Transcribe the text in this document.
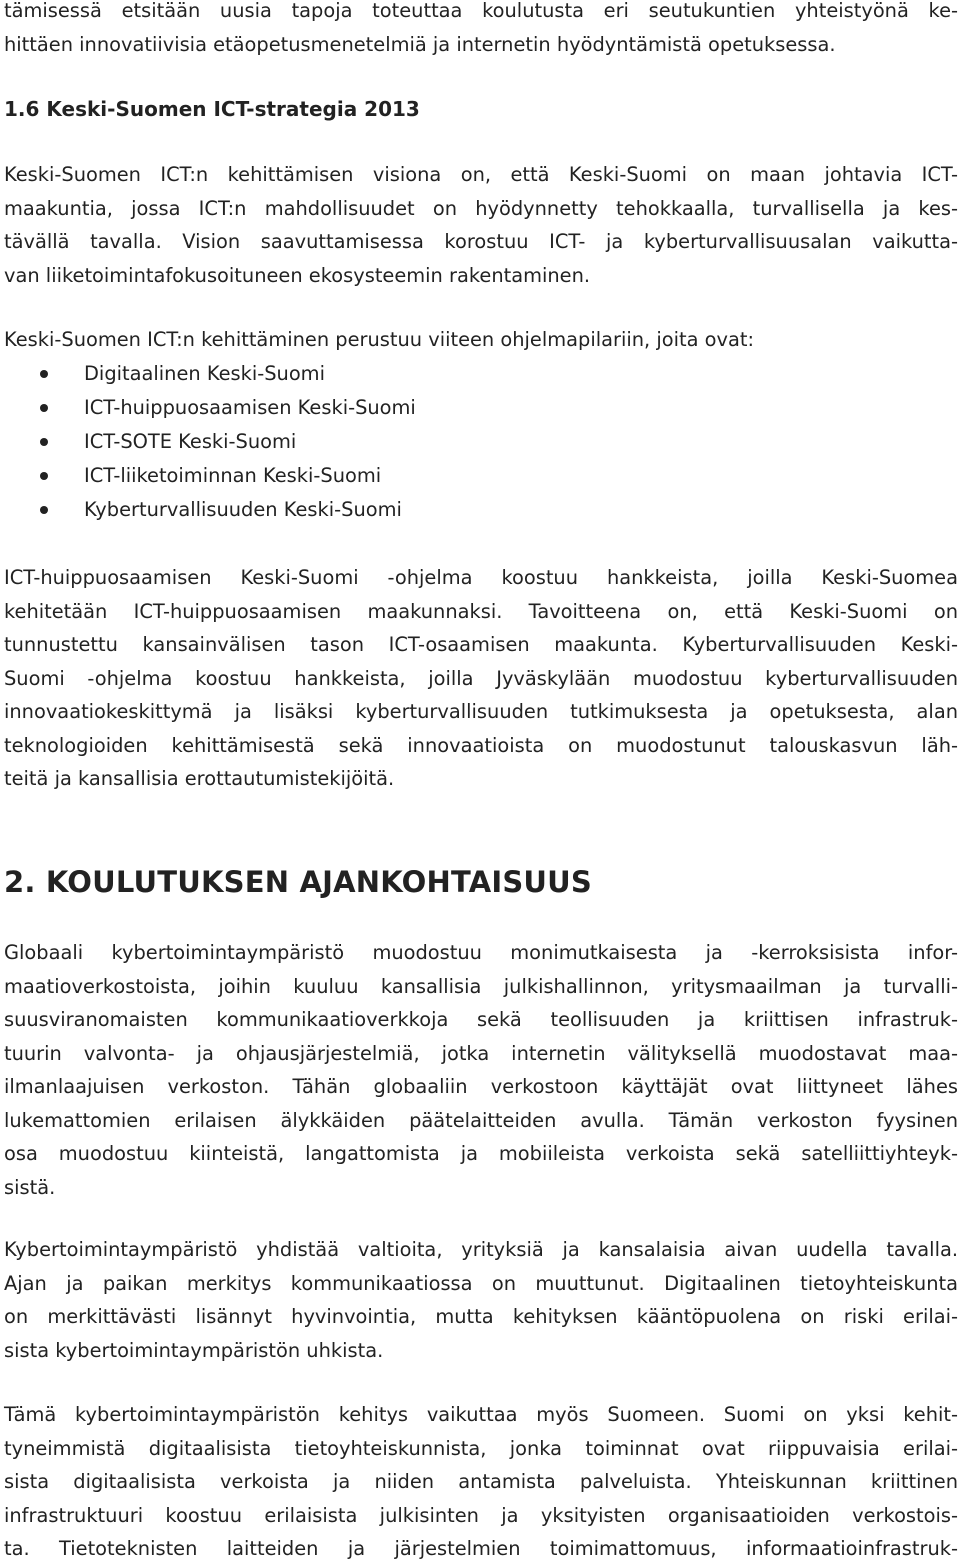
tämisessä etsitään uusia tapoja toteuttaa koulutusta eri seutukuntien yhteistyönä ke-
hittäen innovatiivisia etäopetusmenetelmiä ja internetin hyödyntämistä opetuksessa.
1.6 Keski-Suomen ICT-strategia 2013
Keski-Suomen ICT:n kehittämisen visiona on, että Keski-Suomi on maan johtavia ICT-
maakuntia, jossa ICT:n mahdollisuudet on hyödynnetty tehokkaalla, turvallisella ja kes-
tävällä tavalla. Vision saavuttamisessa korostuu ICT- ja kyberturvallisuusalan vaikutta-
van liiketoimintafokusoituneen ekosysteemin rakentaminen.
Keski-Suomen ICT:n kehittäminen perustuu viiteen ohjelmapilariin, joita ovat:
Digitaalinen Keski-Suomi
ICT-huippuosaamisen Keski-Suomi
ICT-SOTE Keski-Suomi
ICT-liiketoiminnan Keski-Suomi
Kyberturvallisuuden Keski-Suomi
ICT-huippuosaamisen Keski-Suomi -ohjelma koostuu hankkeista, joilla Keski-Suomea
kehitetään ICT-huippuosaamisen maakunnaksi. Tavoitteena on, että Keski-Suomi on
tunnustettu kansainvälisen tason ICT-osaamisen maakunta. Kyberturvallisuuden Keski-
Suomi -ohjelma koostuu hankkeista, joilla Jyväskylään muodostuu kyberturvallisuuden
innovaatiokeskittymä ja lisäksi kyberturvallisuuden tutkimuksesta ja opetuksesta, alan
teknologioiden kehittämisestä sekä innovaatioista on muodostunut talouskasvun läh-
teitä ja kansallisia erottautumistekijöitä.
2. KOULUTUKSEN AJANKOHTAISUUS
Globaali kybertoimintaympäristö muodostuu monimutkaisesta ja -kerroksisista infor-
maatioverkostoista, joihin kuuluu kansallisia julkishallinnon, yritysmaailman ja turvalli-
suusviranomaisten kommunikaatioverkkoja sekä teollisuuden ja kriittisen infrastruk-
tuurin valvonta- ja ohjausjärjestelmiä, jotka internetin välityksellä muodostavat maa-
ilmanlaajuisen verkoston. Tähän globaaliin verkostoon käyttäjät ovat liittyneet lähes
lukemattomien erilaisen älykkäiden päätelaitteiden avulla. Tämän verkoston fyysinen
osa muodostuu kiinteistä, langattomista ja mobiileista verkoista sekä satelliittiyhteyk-
sistä.
Kybertoimintaympäristö yhdistää valtioita, yrityksiä ja kansalaisia aivan uudella tavalla.
Ajan ja paikan merkitys kommunikaatiossa on muuttunut. Digitaalinen tietoyhteiskunta
on merkittävästi lisännyt hyvinvointia, mutta kehityksen kääntöpuolena on riski erilai-
sista kybertoimintaympäristön uhkista.
Tämä kybertoimintaympäristön kehitys vaikuttaa myös Suomeen. Suomi on yksi kehit-
tyneimmistä digitaalisista tietoyhteiskunnista, jonka toiminnat ovat riippuvaisia erilai-
sista digitaalisista verkoista ja niiden antamista palveluista. Yhteiskunnan kriittinen
infrastruktuuri koostuu erilaisista julkisinten ja yksityisten organisaatioiden verkostois-
ta. Tietoteknisten laitteiden ja järjestelmien toimimattomuus, informaatioinfrastruk-
